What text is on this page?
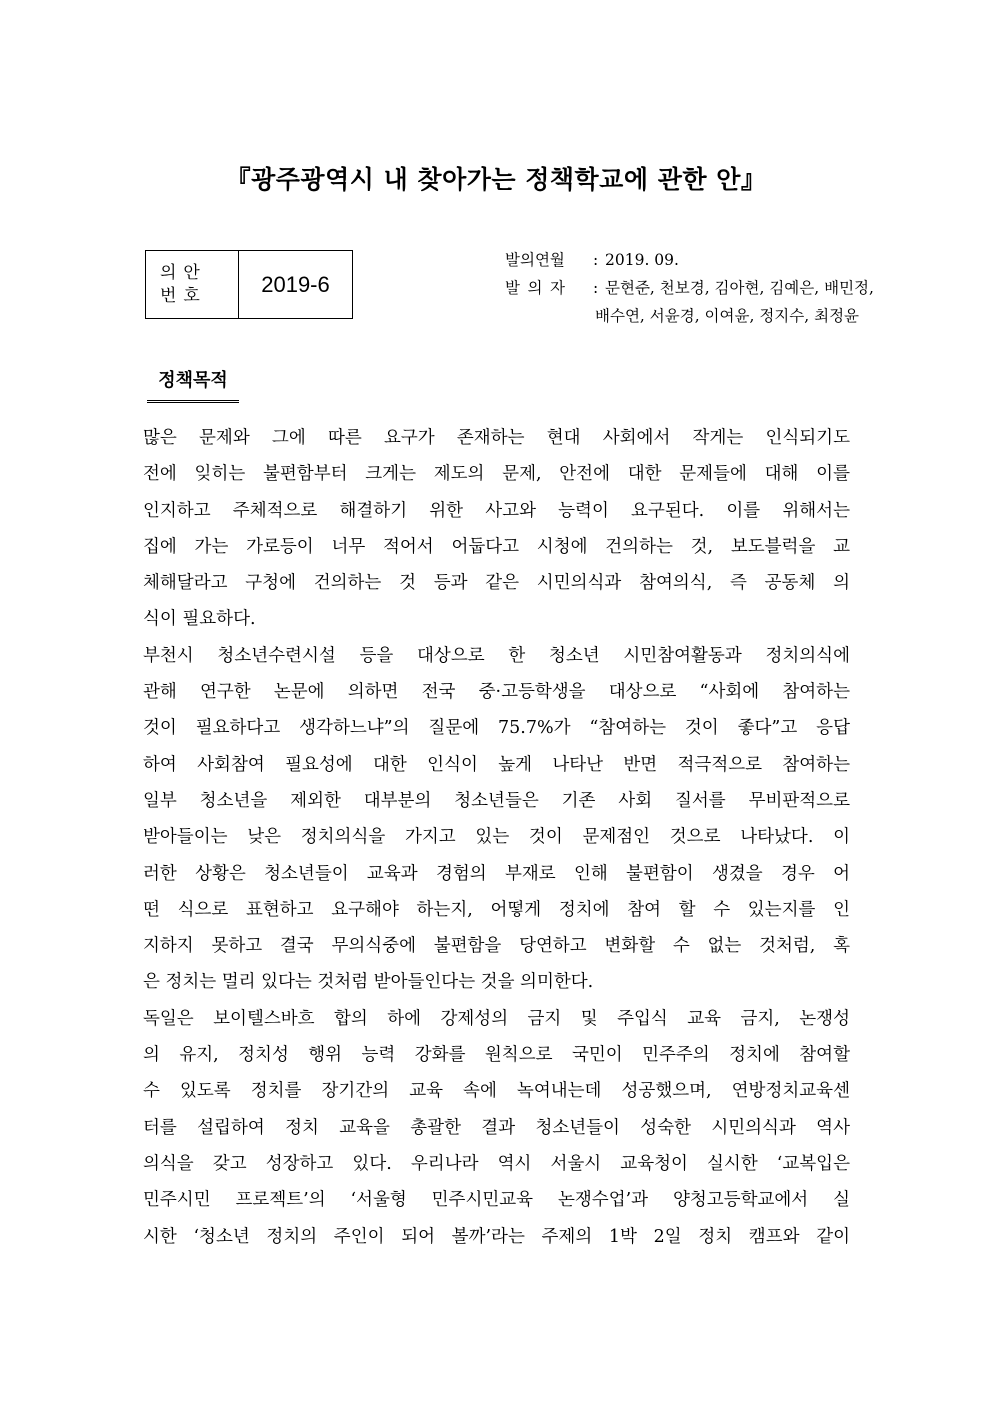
『광주광역시 내 찾아가는 정책학교에 관한 안』
의안
번호	2019-6
발의연월	: 2019. 09.
발의자	: 문현준, 천보경, 김아현, 김예은, 배민정,
배수연, 서윤경, 이여윤, 정지수, 최정윤
정책목적
많은 문제와 그에 따른 요구가 존재하는 현대 사회에서 작게는 인식되기도
전에 잊히는 불편함부터 크게는 제도의 문제, 안전에 대한 문제들에 대해 이를
인지하고 주체적으로 해결하기 위한 사고와 능력이 요구된다. 이를 위해서는
집에 가는 가로등이 너무 적어서 어둡다고 시청에 건의하는 것, 보도블럭을 교
체해달라고 구청에 건의하는 것 등과 같은 시민의식과 참여의식, 즉 공동체 의
식이 필요하다.
부천시 청소년수련시설 등을 대상으로 한 청소년 시민참여활동과 정치의식에
관해 연구한 논문에 의하면 전국 중·고등학생을 대상으로 “사회에 참여하는
것이 필요하다고 생각하느냐”의 질문에 75.7%가 “참여하는 것이 좋다”고 응답
하여 사회참여 필요성에 대한 인식이 높게 나타난 반면 적극적으로 참여하는
일부 청소년을 제외한 대부분의 청소년들은 기존 사회 질서를 무비판적으로
받아들이는 낮은 정치의식을 가지고 있는 것이 문제점인 것으로 나타났다. 이
러한 상황은 청소년들이 교육과 경험의 부재로 인해 불편함이 생겼을 경우 어
떤 식으로 표현하고 요구해야 하는지, 어떻게 정치에 참여 할 수 있는지를 인
지하지 못하고 결국 무의식중에 불편함을 당연하고 변화할 수 없는 것처럼, 혹
은 정치는 멀리 있다는 것처럼 받아들인다는 것을 의미한다.
독일은 보이텔스바흐 합의 하에 강제성의 금지 및 주입식 교육 금지, 논쟁성
의 유지, 정치성 행위 능력 강화를 원칙으로 국민이 민주주의 정치에 참여할
수 있도록 정치를 장기간의 교육 속에 녹여내는데 성공했으며, 연방정치교육센
터를 설립하여 정치 교육을 총괄한 결과 청소년들이 성숙한 시민의식과 역사
의식을 갖고 성장하고 있다. 우리나라 역시 서울시 교육청이 실시한 ‘교복입은
민주시민 프로젝트’의 ‘서울형 민주시민교육 논쟁수업’과 양청고등학교에서 실
시한 ‘청소년 정치의 주인이 되어 볼까’라는 주제의 1박 2일 정치 캠프와 같이
